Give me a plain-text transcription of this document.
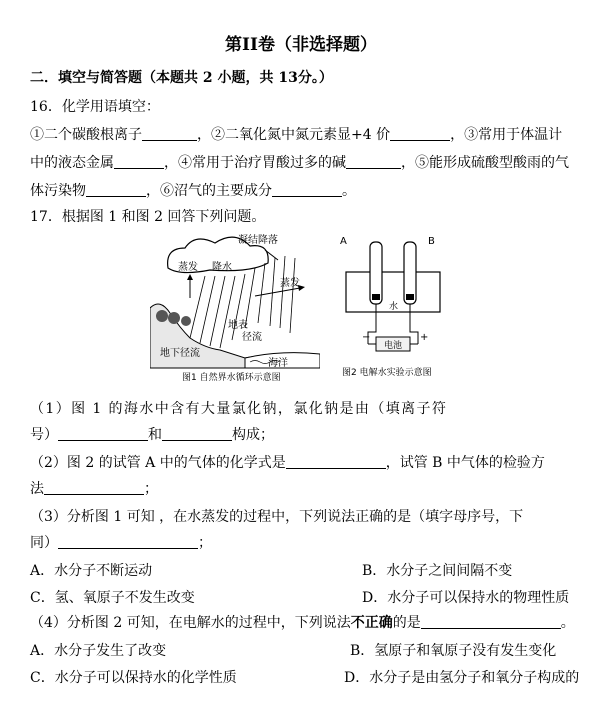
第II卷（非选择题）
二．填空与简答题（本题共 2 小题，共 13分。）
16．化学用语填空：
①二个碳酸根离子	，②二氧化氮中氮元素显+4 价	，③常用于体温计
中的液态金属	，④常用于治疗胃酸过多的碱	，⑤能形成硫酸型酸雨的气
体污染物	，⑥沼气的主要成分	。
17．根据图 1 和图 2 回答下列问题。
凝结降落
蒸发 降水
蒸发
地表
径流
地下径流
海洋
图1 自然界水循环示意图
A	B
水
电池
−	+
图2 电解水实验示意图
（1）图 1 的海水中含有大量氯化钠，氯化钠是由（填离子符
号）	和	构成；
（2）图 2 的试管 A 中的气体的化学式是	，试管 B 中气体的检验方
法	；
（3）分析图 1 可知 ，在水蒸发的过程中，下列说法正确的是（填字母序号，下
同）	；
A．水分子不断运动	B．水分子之间间隔不变
C．氢、氧原子不发生改变	D．水分子可以保持水的物理性质
（4）分析图 2 可知，在电解水的过程中，下列说法不正确的是	。
A．水分子发生了改变	B．氢原子和氧原子没有发生变化
C．水分子可以保持水的化学性质	D．水分子是由氢分子和氧分子构成的
